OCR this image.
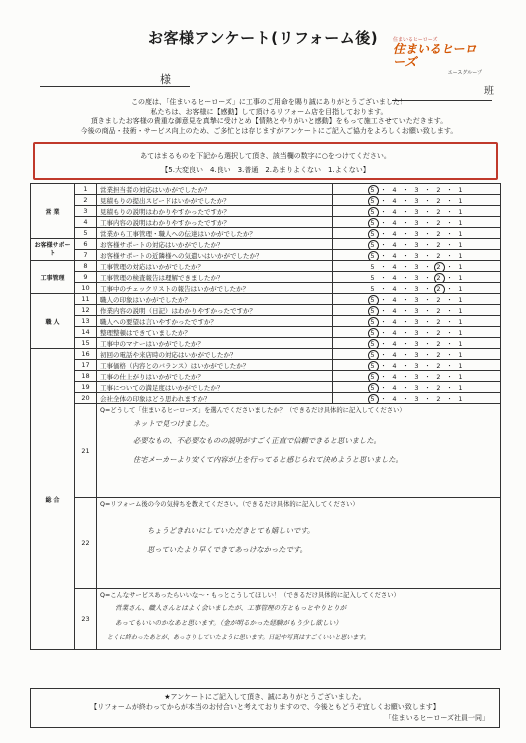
お客様アンケート(リフォーム後)	住まいるヒーローズ
住まいるヒーローズ
エースグループ
様
班

この度は、「住まいるヒーローズ」に工事のご用命を賜り誠にありがとうございました！

私たちは、お客様に【感動】して頂けるリフォーム店を目指しております。

頂きましたお客様の貴重な御意見を真摯に受けとめ【情熱とやりがいと感動】をもって施工させていただきます。

今後の商品・技術・サービス向上のため、ご多忙とは存じますがアンケートにご記入ご協力をよろしくお願い致します。

あてはまるものを下記から選択して頂き、該当欄の数字に○をつけてください。
【5.大変良い　4.良い　3.普通　2.あまりよくない　1.よくない】
営 業	1	営業担当者の対応はいかがでしたか？	5 ・ 4 ・ 3 ・ 2 ・ 1
	2	見積もりの提出スピードはいかがでしたか？	5 ・ 4 ・ 3 ・ 2 ・ 1
	3	見積もりの説明はわかりやすかったですか？	5 ・ 4 ・ 3 ・ 2 ・ 1
	4	工事内容の説明はわかりやすかったですか？	5 ・ 4 ・ 3 ・ 2 ・ 1
	5	営業から工事管理・職人への伝達はいかがでしたか？	5 ・ 4 ・ 3 ・ 2 ・ 1
お客様サポート	6	お客様サポートの対応はいかがでしたか？	5 ・ 4 ・ 3 ・ 2 ・ 1
	7	お客様サポートの近隣様への気遣いはいかがでしたか？	5 ・ 4 ・ 3 ・ 2 ・ 1
工事管理	8	工事管理の対応はいかがでしたか？	5 ・ 4 ・ 3 ・ 2 ・ 1
	9	工事管理の検査報告は理解できましたか？	5 ・ 4 ・ 3 ・ 2 ・ 1
	10	工事中のチェックリストの報告はいかがでしたか？	5 ・ 4 ・ 3 ・ 2 ・ 1
職 人	11	職人の印象はいかがでしたか？	5 ・ 4 ・ 3 ・ 2 ・ 1
	12	作業内容の説明（日記）はわかりやすかったですか？	5 ・ 4 ・ 3 ・ 2 ・ 1
	13	職人への要望は言いやすかったですか？	5 ・ 4 ・ 3 ・ 2 ・ 1
	14	整理整頓はできていましたか？	5 ・ 4 ・ 3 ・ 2 ・ 1
	15	工事中のマナーはいかがでしたか？	5 ・ 4 ・ 3 ・ 2 ・ 1
総 合	16	初回の電話や来店時の対応はいかがでしたか？	5 ・ 4 ・ 3 ・ 2 ・ 1
	17	工事価格（内容とのバランス）はいかがでしたか？	5 ・ 4 ・ 3 ・ 2 ・ 1
	18	工事の仕上がりはいかがでしたか？	5 ・ 4 ・ 3 ・ 2 ・ 1
	19	工事についての満足度はいかがでしたか？	5 ・ 4 ・ 3 ・ 2 ・ 1
	20	会社全体の印象はどう思われますか？	5 ・ 4 ・ 3 ・ 2 ・ 1
	21	Q=どうして「住まいるヒーローズ」を選んでくださいましたか？（できるだけ具体的に記入してください）
ネットで見つけました。
必要なもの、不必要なものの説明がすごく正直で信頼できると思いました。
住宅メーカーより安くて内容が上を行ってると感じられて決めようと思いました。	

	22	Q=リフォーム後の今の気持ちを教えてください。（できるだけ具体的に記入してください）
ちょうどきれいにしていただきとても嬉しいです。
思っていたより早くできてあっけなかったです。	

	23	Q=こんなサービスあったらいいな～・もっとこうしてほしい！（できるだけ具体的に記入してください）
営業さん、職人さんとはよく会いましたが、工事管理の方ともっとやりとりが
あってもいいのかなあと思います。（金が明るかった経験がもう少し欲しい）
とくに終わったあとが、あっさりしていたように思います。日記や写真はすごくいいと思います。	
★アンケートにご記入して頂き、誠にありがとうございました。
【リフォームが終わってからが本当のお付合いと考えておりますので、今後ともどうぞ宜しくお願い致します】
「住まいるヒーローズ社員一同」
